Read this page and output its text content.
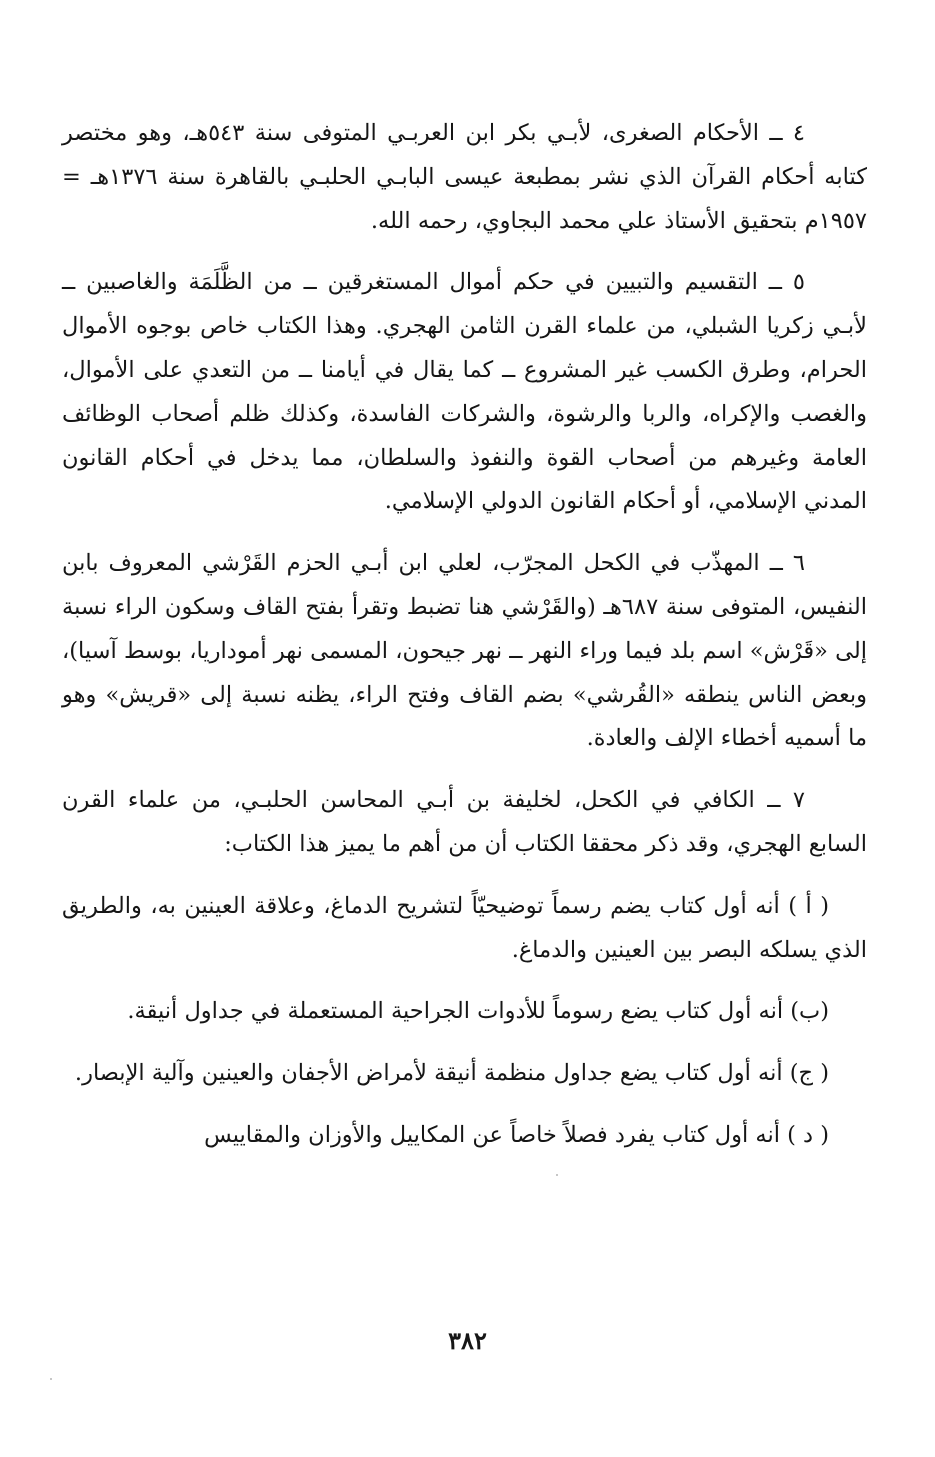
٤ ــ الأحكام الصغرى، لأبـي بكر ابن العربـي المتوفى سنة ٥٤٣هـ، وهو مختصر كتابه أحكام القرآن الذي نشر بمطبعة عيسى البابـي الحلبـي بالقاهرة سنة ١٣٧٦هـ = ١٩٥٧م بتحقيق الأستاذ علي محمد البجاوي، رحمه الله.

٥ ــ التقسيم والتبيين في حكم أموال المستغرقين ــ من الظَّلَمَة والغاصبين ــ لأبـي زكريا الشبلي، من علماء القرن الثامن الهجري. وهذا الكتاب خاص بوجوه الأموال الحرام، وطرق الكسب غير المشروع ــ كما يقال في أيامنا ــ من التعدي على الأموال، والغصب والإكراه، والربا والرشوة، والشركات الفاسدة، وكذلك ظلم أصحاب الوظائف العامة وغيرهم من أصحاب القوة والنفوذ والسلطان، مما يدخل في أحكام القانون المدني الإسلامي، أو أحكام القانون الدولي الإسلامي.

٦ ــ المهذّب في الكحل المجرّب، لعلي ابن أبـي الحزم القَرْشي المعروف بابن النفيس، المتوفى سنة ٦٨٧هـ (والقَرْشي هنا تضبط وتقرأ بفتح القاف وسكون الراء نسبة إلى «قَرْش» اسم بلد فيما وراء النهر ــ نهر جيحون، المسمى نهر أموداريا، بوسط آسيا)، وبعض الناس ينطقه «القُرشي» بضم القاف وفتح الراء، يظنه نسبة إلى «قريش» وهو ما أسميه أخطاء الإلف والعادة.

٧ ــ الكافي في الكحل، لخليفة بن أبـي المحاسن الحلبـي، من علماء القرن السابع الهجري، وقد ذكر محققا الكتاب أن من أهم ما يميز هذا الكتاب:

( أ ) أنه أول كتاب يضم رسماً توضيحيّاً لتشريح الدماغ، وعلاقة العينين به، والطريق الذي يسلكه البصر بين العينين والدماغ.

(ب) أنه أول كتاب يضع رسوماً للأدوات الجراحية المستعملة في جداول أنيقة.

( ج) أنه أول كتاب يضع جداول منظمة أنيقة لأمراض الأجفان والعينين وآلية الإبصار.

( د ) أنه أول كتاب يفرد فصلاً خاصاً عن المكاييل والأوزان والمقاييس

٣٨٢
